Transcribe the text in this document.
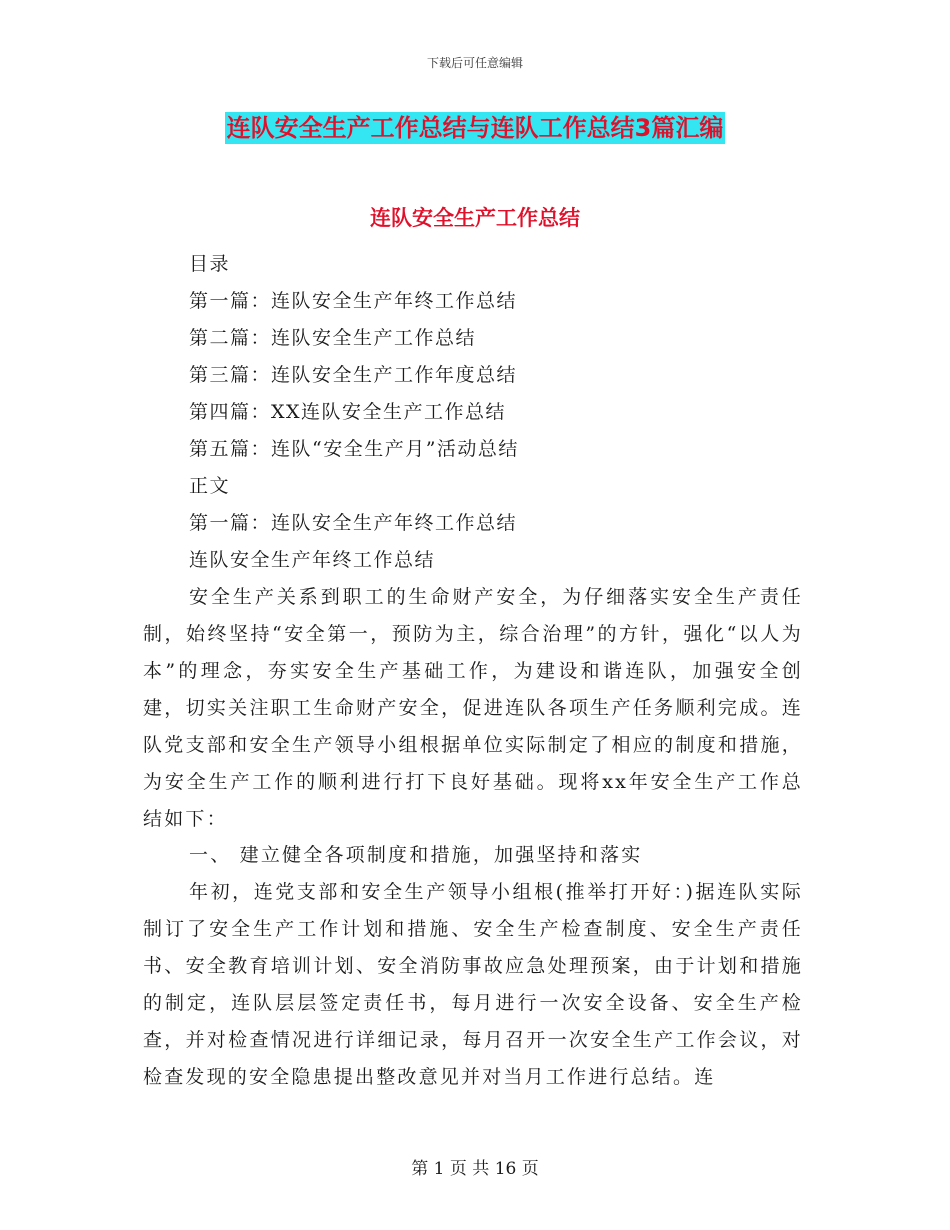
下载后可任意编辑
连队安全生产工作总结与连队工作总结3篇汇编
连队安全生产工作总结
目录
第一篇：连队安全生产年终工作总结
第二篇：连队安全生产工作总结
第三篇：连队安全生产工作年度总结
第四篇：XX连队安全生产工作总结
第五篇：连队“安全生产月”活动总结
正文
第一篇：连队安全生产年终工作总结
连队安全生产年终工作总结

安全生产关系到职工的生命财产安全，为仔细落实安全生产责任制，始终坚持“安全第一，预防为主，综合治理”的方针，强化“以人为本”的理念，夯实安全生产基础工作，为建设和谐连队，加强安全创建，切实关注职工生命财产安全，促进连队各项生产任务顺利完成。连队党支部和安全生产领导小组根据单位实际制定了相应的制度和措施，为安全生产工作的顺利进行打下良好基础。现将xx年安全生产工作总结如下：

一、 建立健全各项制度和措施，加强坚持和落实

年初，连党支部和安全生产领导小组根(推举打开好：)据连队实际制订了安全生产工作计划和措施、安全生产检查制度、安全生产责任书、安全教育培训计划、安全消防事故应急处理预案，由于计划和措施的制定，连队层层签定责任书，每月进行一次安全设备、安全生产检查，并对检查情况进行详细记录，每月召开一次安全生产工作会议，对检查发现的安全隐患提出整改意见并对当月工作进行总结。连

第 1 页 共 16 页
